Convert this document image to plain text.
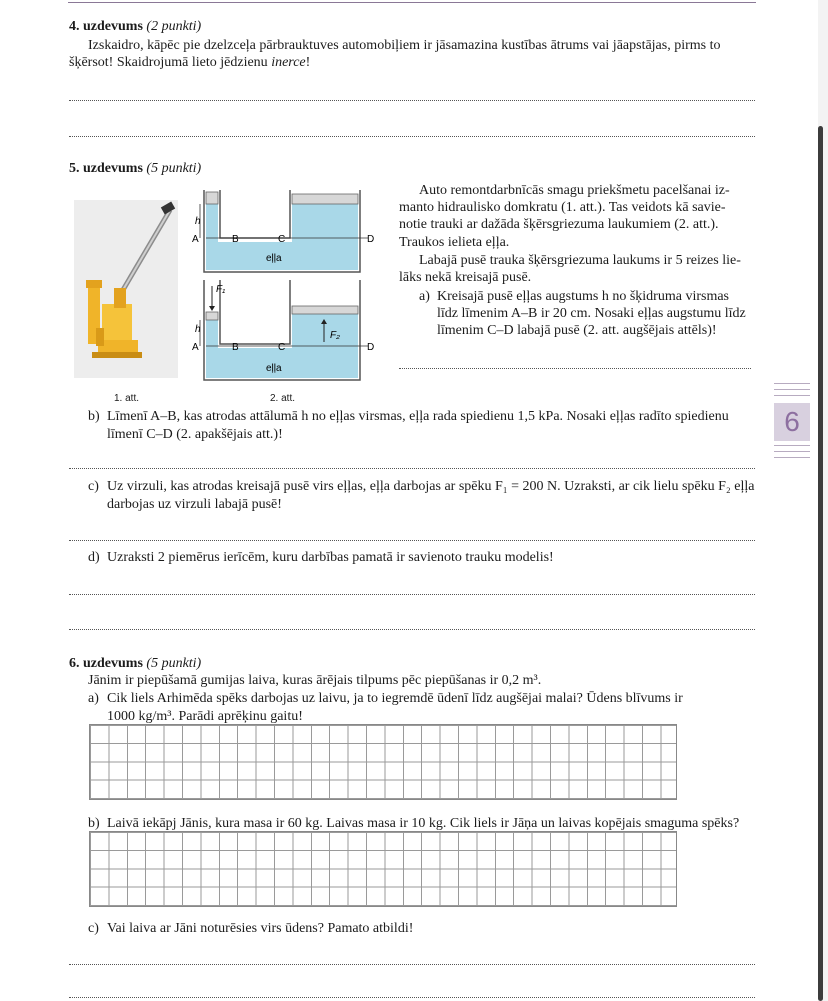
4. uzdevums (2 punkti)
Izskaidro, kāpēc pie dzelzceļa pārbrauktuves automobiļiem ir jāsamazina kustības ātrums vai jāapstājas, pirms to
šķērsot! Skaidrojumā lieto jēdzienu inerce!
5. uzdevums (5 punkti)
1. att.
h
A	B	C	D
eļļa
F₁
F₂
h
A	B	C	D
eļļa
2. att.
Auto remontdarbnīcās smagu priekšmetu pacelšanai iz-
manto hidraulisko domkratu (1. att.). Tas veidots kā savie-
notie trauki ar dažāda šķērsgriezuma laukumiem (2. att.).
Traukos ielieta eļļa.
Labajā pusē trauka šķērsgriezuma laukums ir 5 reizes lie-
lāks nekā kreisajā pusē.
a) Kreisajā pusē eļļas augstums h no šķidruma virsmas
līdz līmenim A–B ir 20 cm. Nosaki eļļas augstumu līdz
līmenim C–D labajā pusē (2. att. augšējais attēls)!
b) Līmenī A–B, kas atrodas attālumā h no eļļas virsmas, eļļa rada spiedienu 1,5 kPa. Nosaki eļļas radīto spiedienu
līmenī C–D (2. apakšējais att.)!
c) Uz virzuli, kas atrodas kreisajā pusē virs eļļas, eļļa darbojas ar spēku F₁ = 200 N. Uzraksti, ar cik lielu spēku F₂ eļļa
darbojas uz virzuli labajā pusē!
d) Uzraksti 2 piemērus ierīcēm, kuru darbības pamatā ir savienoto trauku modelis!
6. uzdevums (5 punkti)
Jānim ir piepūšamā gumijas laiva, kuras ārējais tilpums pēc piepūšanas ir 0,2 m³.
a) Cik liels Arhimēda spēks darbojas uz laivu, ja to iegremdē ūdenī līdz augšējai malai? Ūdens blīvums ir
1000 kg/m³. Parādi aprēķinu gaitu!
b) Laivā iekāpj Jānis, kura masa ir 60 kg. Laivas masa ir 10 kg. Cik liels ir Jāņa un laivas kopējais smaguma spēks?
c) Vai laiva ar Jāni noturēsies virs ūdens? Pamato atbildi!
6
